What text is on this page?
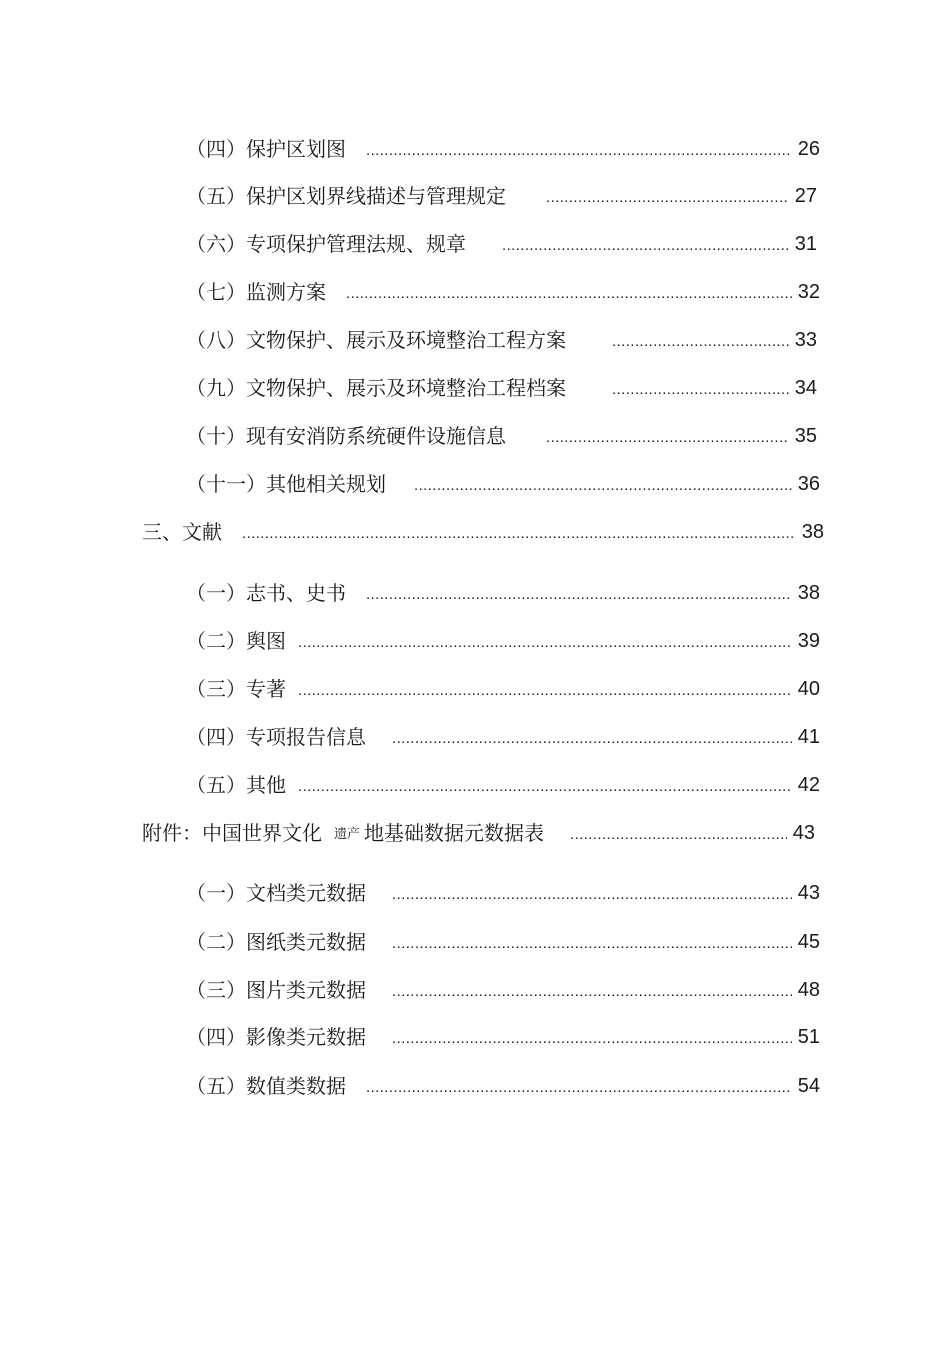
（四）保护区划图 .....	26
（五）保护区划界线描述与管理规定 .....	27
（六）专项保护管理法规、规章 .....	31
（七）监测方案 .....	32
（八）文物保护、展示及环境整治工程方案 .....	33
（九）文物保护、展示及环境整治工程档案 .....	34
（十）现有安消防系统硬件设施信息 .....	35
（十一）其他相关规划 .....	36
三、文献 .....	38
（一）志书、史书 .....	38
（二）舆图 .....	39
（三）专著 .....	40
（四）专项报告信息 .....	41
（五）其他 .....	42
附件：中国世界文化 遗产 地基础数据元数据表 .....	43
（一）文档类元数据 .....	43
（二）图纸类元数据 .....	45
（三）图片类元数据 .....	48
（四）影像类元数据 .....	51
（五）数值类数据 .....	54
